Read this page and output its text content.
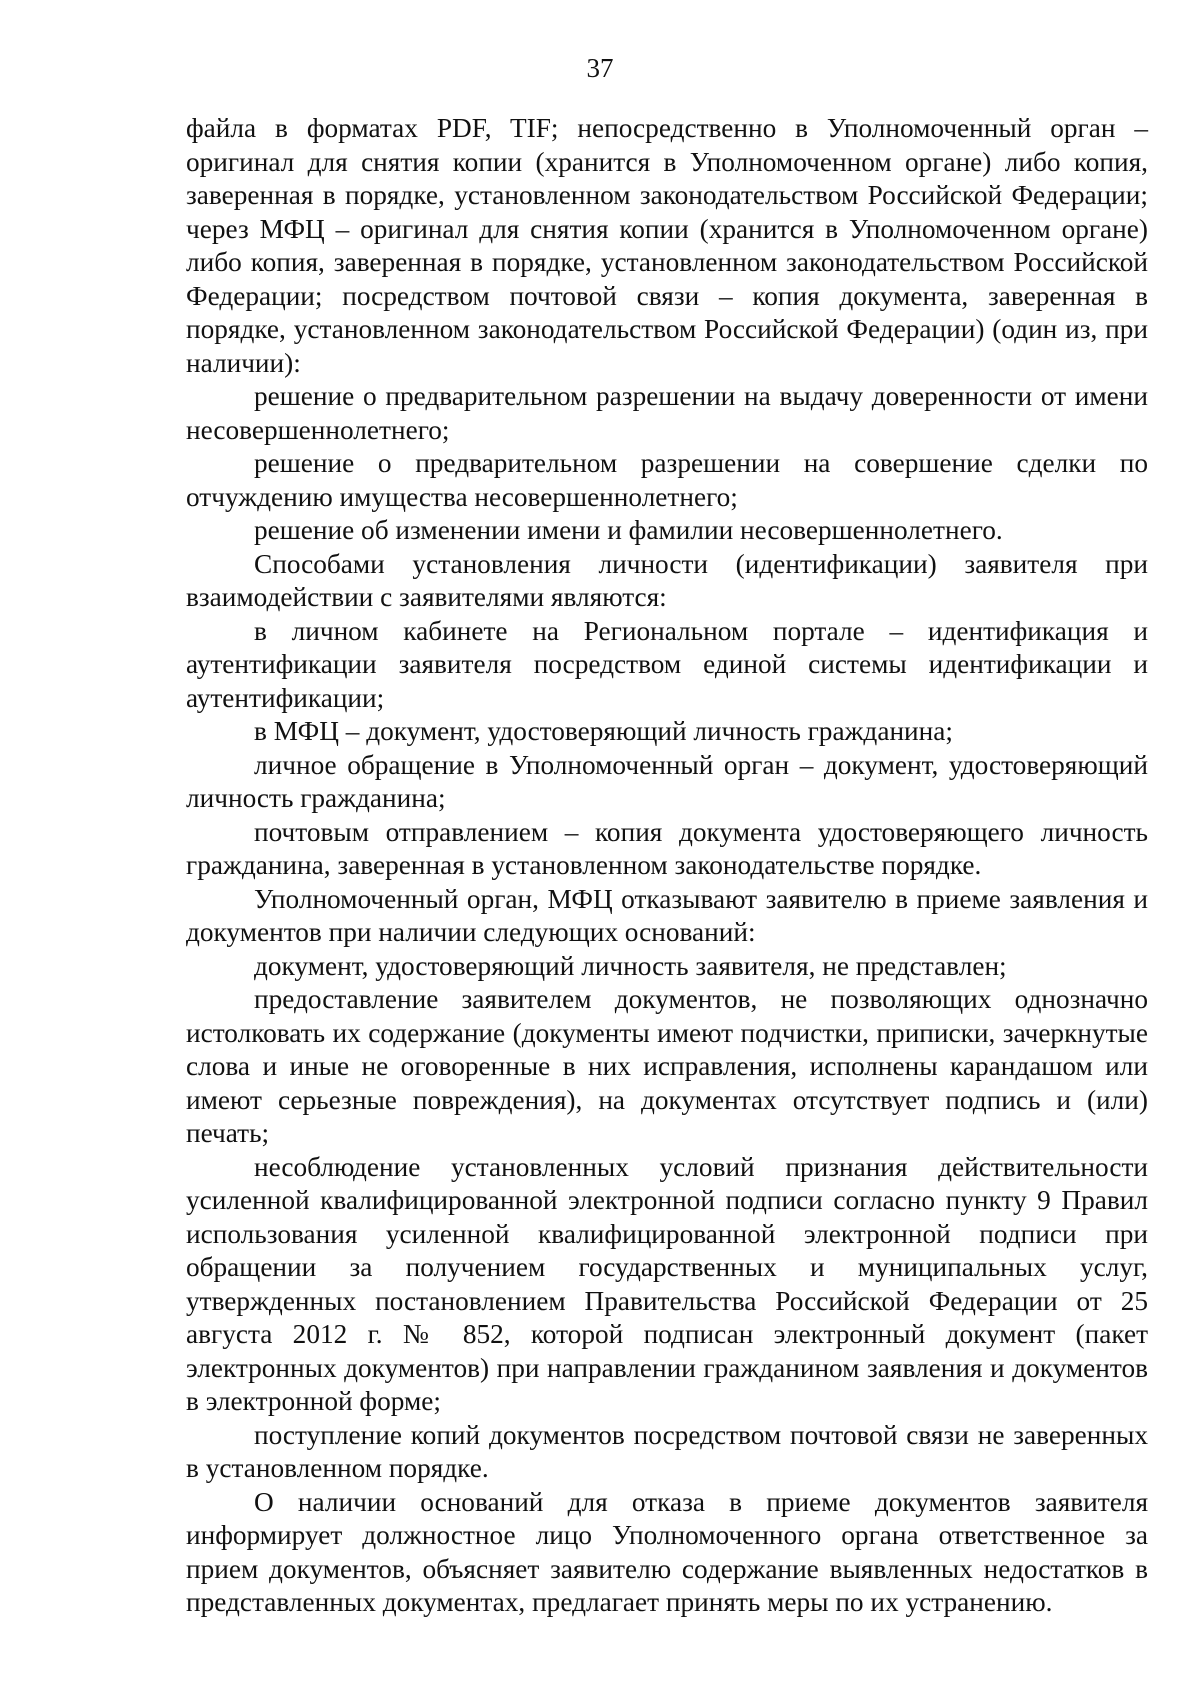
37

файла в форматах PDF, TIF; непосредственно в Уполномоченный орган – оригинал для снятия копии (хранится в Уполномоченном органе) либо копия, заверенная в порядке, установленном законодательством Российской Федерации; через МФЦ – оригинал для снятия копии (хранится в Уполномоченном органе) либо копия, заверенная в порядке, установленном законодательством Российской Федерации; посредством почтовой связи – копия документа, заверенная в порядке, установленном законодательством Российской Федерации) (один из, при наличии):

решение о предварительном разрешении на выдачу доверенности от имени несовершеннолетнего;

решение о предварительном разрешении на совершение сделки по отчуждению имущества несовершеннолетнего;

решение об изменении имени и фамилии несовершеннолетнего.

Способами установления личности (идентификации) заявителя при взаимодействии с заявителями являются:

в личном кабинете на Региональном портале – идентификация и аутентификации заявителя посредством единой системы идентификации и аутентификации;

в МФЦ – документ, удостоверяющий личность гражданина;

личное обращение в Уполномоченный орган – документ, удостоверяющий личность гражданина;

почтовым отправлением – копия документа удостоверяющего личность гражданина, заверенная в установленном законодательстве порядке.

Уполномоченный орган, МФЦ отказывают заявителю в приеме заявления и документов при наличии следующих оснований:

документ, удостоверяющий личность заявителя, не представлен;

предоставление заявителем документов, не позволяющих однозначно истолковать их содержание (документы имеют подчистки, приписки, зачеркнутые слова и иные не оговоренные в них исправления, исполнены карандашом или имеют серьезные повреждения), на документах отсутствует подпись и (или) печать;

несоблюдение установленных условий признания действительности усиленной квалифицированной электронной подписи согласно пункту 9 Правил использования усиленной квалифицированной электронной подписи при обращении за получением государственных и муниципальных услуг, утвержденных постановлением Правительства Российской Федерации от 25 августа 2012 г. № 852, которой подписан электронный документ (пакет электронных документов) при направлении гражданином заявления и документов в электронной форме;

поступление копий документов посредством почтовой связи не заверенных в установленном порядке.

О наличии оснований для отказа в приеме документов заявителя информирует должностное лицо Уполномоченного органа ответственное за прием документов, объясняет заявителю содержание выявленных недостатков в представленных документах, предлагает принять меры по их устранению.
